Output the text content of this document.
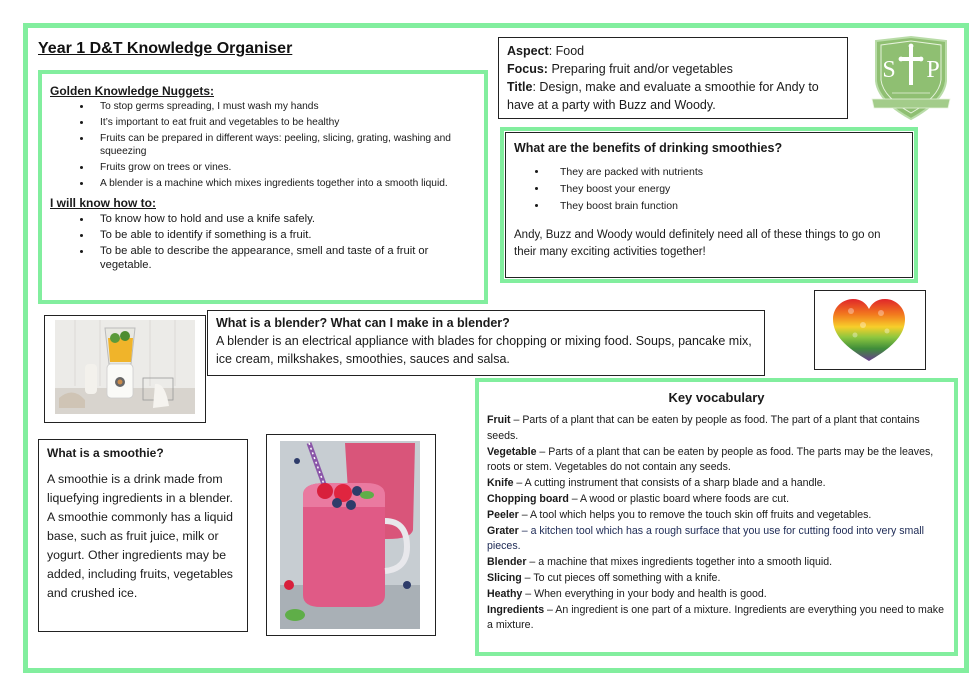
Year 1 D&T Knowledge Organiser
Golden Knowledge Nuggets:
• To stop germs spreading, I must wash my hands
• It’s important to eat fruit and vegetables to be healthy
• Fruits can be prepared in different ways: peeling, slicing, grating, washing and squeezing
• Fruits grow on trees or vines.
• A blender is a machine which mixes ingredients together into a smooth liquid.
I will know how to:
• To know how to hold and use a knife safely.
• To be able to identify if something is a fruit.
• To be able to describe the appearance, smell and taste of a fruit or vegetable.
Aspect: Food
Focus: Preparing fruit and/or vegetables
Title: Design, make and evaluate a smoothie for Andy to have at a party with Buzz and Woody.
S P
What are the benefits of drinking smoothies?
• They are packed with nutrients
• They boost your energy
• They boost brain function

Andy, Buzz and Woody would definitely need all of these things to go on their many exciting activities together!

What is a blender? What can I make in a blender?
A blender is an electrical appliance with blades for chopping or mixing food. Soups, pancake mix, ice cream, milkshakes, smoothies, sauces and salsa.
What is a smoothie?

A smoothie is a drink made from liquefying ingredients in a blender. A smoothie commonly has a liquid base, such as fruit juice, milk or yogurt. Other ingredients may be added, including fruits, vegetables and crushed ice.

Key vocabulary
Fruit – Parts of a plant that can be eaten by people as food. The part of a plant that contains seeds.
Vegetable – Parts of a plant that can be eaten by people as food. The parts may be the leaves, roots or stem. Vegetables do not contain any seeds.
Knife – A cutting instrument that consists of a sharp blade and a handle.
Chopping board – A wood or plastic board where foods are cut.
Peeler – A tool which helps you to remove the touch skin off fruits and vegetables.
Grater – a kitchen tool which has a rough surface that you use for cutting food into very small pieces.
Blender – a machine that mixes ingredients together into a smooth liquid.
Slicing – To cut pieces off something with a knife.
Heathy – When everything in your body and health is good.
Ingredients – An ingredient is one part of a mixture. Ingredients are everything you need to make a mixture.
